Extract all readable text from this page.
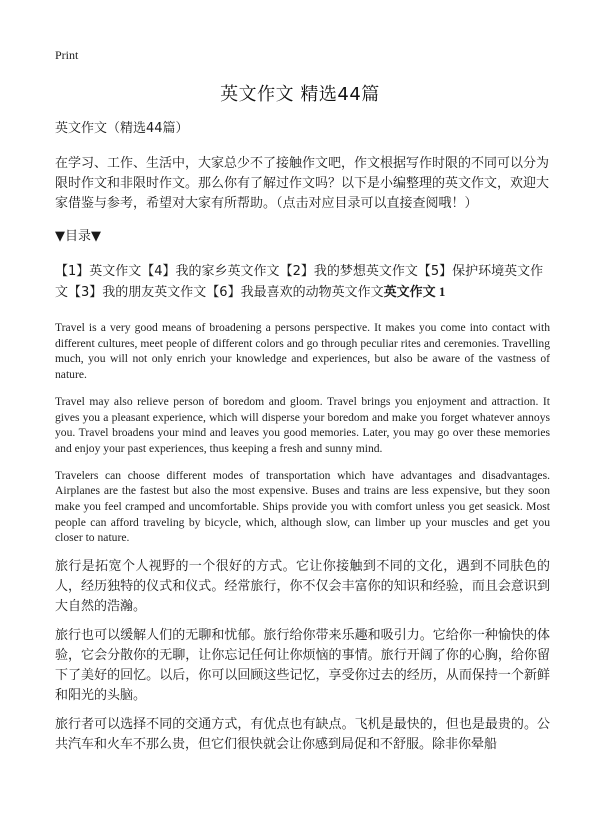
Print
英文作文 精选44篇

英文作文（精选44篇）

在学习、工作、生活中，大家总少不了接触作文吧，作文根据写作时限的不同可以分为限时作文和非限时作文。那么你有了解过作文吗？以下是小编整理的英文作文，欢迎大家借鉴与参考，希望对大家有所帮助。（点击对应目录可以直接查阅哦！）

▼目录▼

【1】英文作文【4】我的家乡英文作文【2】我的梦想英文作文【5】保护环境英文作文【3】我的朋友英文作文【6】我最喜欢的动物英文作文英文作文 1

Travel is a very good means of broadening a persons perspective. It makes you come into contact with different cultures, meet people of different colors and go through peculiar rites and ceremonies. Travelling much, you will not only enrich your knowledge and experiences, but also be aware of the vastness of nature.

Travel may also relieve person of boredom and gloom. Travel brings you enjoyment and attraction. It gives you a pleasant experience, which will disperse your boredom and make you forget whatever annoys you. Travel broadens your mind and leaves you good memories. Later, you may go over these memories and enjoy your past experiences, thus keeping a fresh and sunny mind.

Travelers can choose different modes of transportation which have advantages and disadvantages. Airplanes are the fastest but also the most expensive. Buses and trains are less expensive, but they soon make you feel cramped and uncomfortable. Ships provide you with comfort unless you get seasick. Most people can afford traveling by bicycle, which, although slow, can limber up your muscles and get you closer to nature.

旅行是拓宽个人视野的一个很好的方式。它让你接触到不同的文化，遇到不同肤色的人，经历独特的仪式和仪式。经常旅行，你不仅会丰富你的知识和经验，而且会意识到大自然的浩瀚。

旅行也可以缓解人们的无聊和忧郁。旅行给你带来乐趣和吸引力。它给你一种愉快的体验，它会分散你的无聊，让你忘记任何让你烦恼的事情。旅行开阔了你的心胸，给你留下了美好的回忆。以后，你可以回顾这些记忆，享受你过去的经历，从而保持一个新鲜和阳光的头脑。

旅行者可以选择不同的交通方式，有优点也有缺点。飞机是最快的，但也是最贵的。公共汽车和火车不那么贵，但它们很快就会让你感到局促和不舒服。除非你晕船
